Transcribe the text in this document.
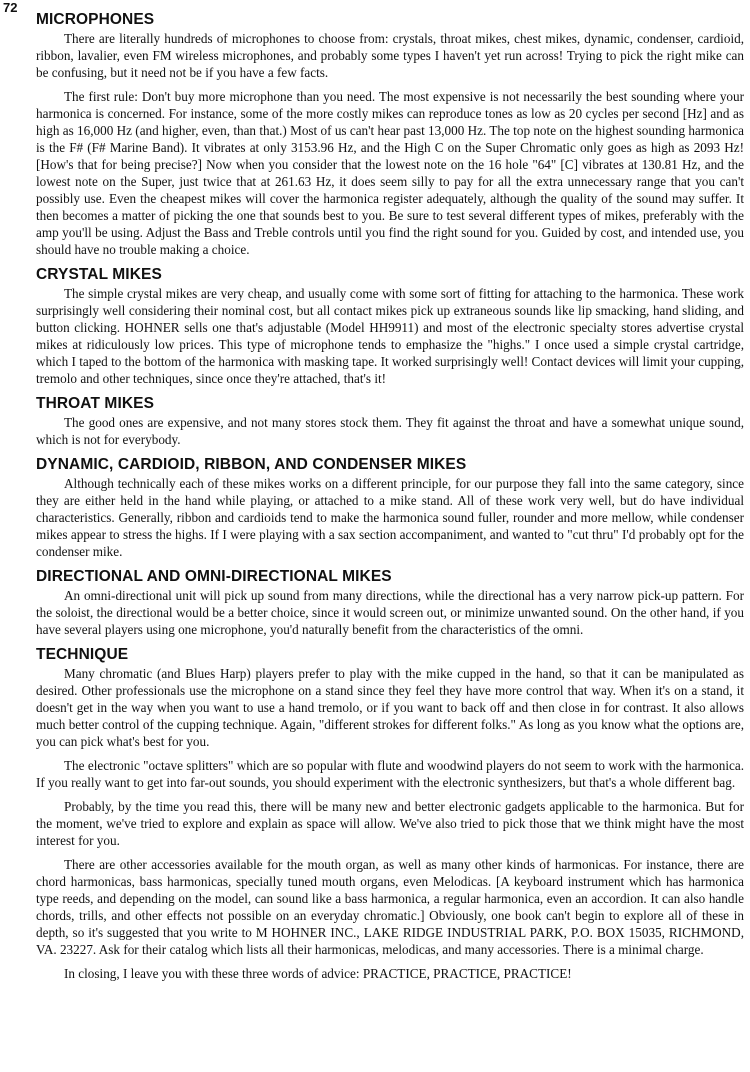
72
MICROPHONES

There are literally hundreds of microphones to choose from: crystals, throat mikes, chest mikes, dynamic, condenser, cardioid, ribbon, lavalier, even FM wireless microphones, and probably some types I haven't yet run across! Trying to pick the right mike can be confusing, but it need not be if you have a few facts.

The first rule: Don't buy more microphone than you need. The most expensive is not necessarily the best sounding where your harmonica is concerned. For instance, some of the more costly mikes can reproduce tones as low as 20 cycles per second [Hz] and as high as 16,000 Hz (and higher, even, than that.) Most of us can't hear past 13,000 Hz. The top note on the highest sounding harmonica is the F# (F# Marine Band). It vibrates at only 3153.96 Hz, and the High C on the Super Chromatic only goes as high as 2093 Hz! [How's that for being precise?] Now when you consider that the lowest note on the 16 hole "64" [C] vibrates at 130.81 Hz, and the lowest note on the Super, just twice that at 261.63 Hz, it does seem silly to pay for all the extra unnecessary range that you can't possibly use. Even the cheapest mikes will cover the harmonica register adequately, although the quality of the sound may suffer. It then becomes a matter of picking the one that sounds best to you. Be sure to test several different types of mikes, preferably with the amp you'll be using. Adjust the Bass and Treble controls until you find the right sound for you. Guided by cost, and intended use, you should have no trouble making a choice.

CRYSTAL MIKES

The simple crystal mikes are very cheap, and usually come with some sort of fitting for attaching to the harmonica. These work surprisingly well considering their nominal cost, but all contact mikes pick up extraneous sounds like lip smacking, hand sliding, and button clicking. HOHNER sells one that's adjustable (Model HH9911) and most of the electronic specialty stores advertise crystal mikes at ridiculously low prices. This type of microphone tends to emphasize the "highs." I once used a simple crystal cartridge, which I taped to the bottom of the harmonica with masking tape. It worked surprisingly well! Contact devices will limit your cupping, tremolo and other techniques, since once they're attached, that's it!

THROAT MIKES

The good ones are expensive, and not many stores stock them. They fit against the throat and have a somewhat unique sound, which is not for everybody.

DYNAMIC, CARDIOID, RIBBON, AND CONDENSER MIKES

Although technically each of these mikes works on a different principle, for our purpose they fall into the same category, since they are either held in the hand while playing, or attached to a mike stand. All of these work very well, but do have individual characteristics. Generally, ribbon and cardioids tend to make the harmonica sound fuller, rounder and more mellow, while condenser mikes appear to stress the highs. If I were playing with a sax section accompaniment, and wanted to "cut thru" I'd probably opt for the condenser mike.

DIRECTIONAL AND OMNI-DIRECTIONAL MIKES

An omni-directional unit will pick up sound from many directions, while the directional has a very narrow pick-up pattern. For the soloist, the directional would be a better choice, since it would screen out, or minimize unwanted sound. On the other hand, if you have several players using one microphone, you'd naturally benefit from the characteristics of the omni.

TECHNIQUE

Many chromatic (and Blues Harp) players prefer to play with the mike cupped in the hand, so that it can be manipulated as desired. Other professionals use the microphone on a stand since they feel they have more control that way. When it's on a stand, it doesn't get in the way when you want to use a hand tremolo, or if you want to back off and then close in for contrast. It also allows much better control of the cupping technique. Again, "different strokes for different folks." As long as you know what the options are, you can pick what's best for you.

The electronic "octave splitters" which are so popular with flute and woodwind players do not seem to work with the harmonica. If you really want to get into far-out sounds, you should experiment with the electronic synthesizers, but that's a whole different bag.

Probably, by the time you read this, there will be many new and better electronic gadgets applicable to the harmonica. But for the moment, we've tried to explore and explain as space will allow. We've also tried to pick those that we think might have the most interest for you.

There are other accessories available for the mouth organ, as well as many other kinds of harmonicas. For instance, there are chord harmonicas, bass harmonicas, specially tuned mouth organs, even Melodicas. [A keyboard instrument which has harmonica type reeds, and depending on the model, can sound like a bass harmonica, a regular harmonica, even an accordion. It can also handle chords, trills, and other effects not possible on an everyday chromatic.] Obviously, one book can't begin to explore all of these in depth, so it's suggested that you write to M HOHNER INC., LAKE RIDGE INDUSTRIAL PARK, P.O. BOX 15035, RICHMOND, VA. 23227. Ask for their catalog which lists all their harmonicas, melodicas, and many accessories. There is a minimal charge.

In closing, I leave you with these three words of advice: PRACTICE, PRACTICE, PRACTICE!
